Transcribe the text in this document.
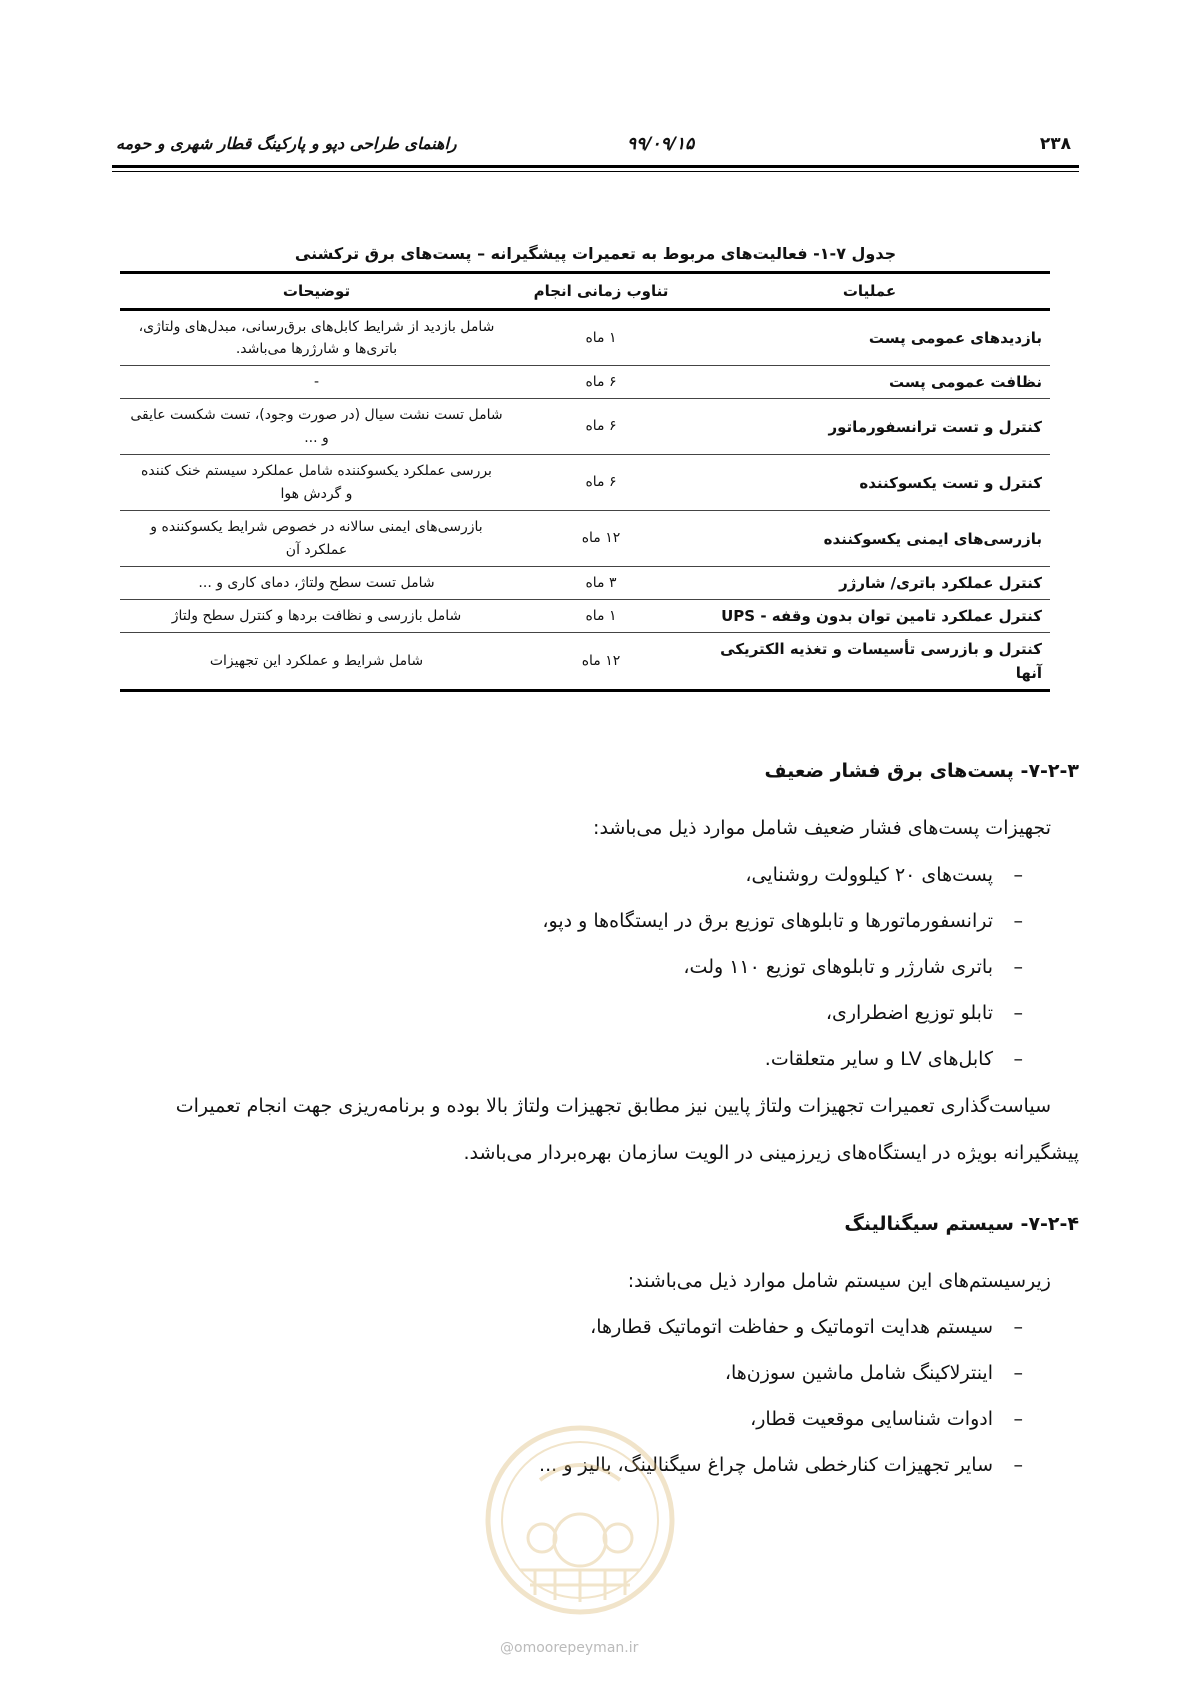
۲۳۸
۹۹/۰۹/۱۵
راهنمای طراحی دپو و پارکینگ قطار شهری و حومه
جدول ۷-۱- فعالیت‌های مربوط به تعمیرات پیشگیرانه – پست‌های برق ترکشنی
عملیات	تناوب زمانی انجام	توضیحات
بازدیدهای عمومی پست	۱ ماه	شامل بازدید از شرایط کابل‌های برق‌رسانی، مبدل‌های ولتاژی،
باتری‌ها و شارژرها می‌باشد.

نظافت عمومی پست	۶ ماه	-

کنترل و تست ترانسفورماتور	۶ ماه	شامل تست نشت سیال (در صورت وجود)، تست شکست عایقی
و ...

کنترل و تست یکسوکننده	۶ ماه	بررسی عملکرد یکسوکننده شامل عملکرد سیستم خنک کننده
و گردش هوا

بازرسی‌های ایمنی یکسوکننده	۱۲ ماه	بازرسی‌های ایمنی سالانه در خصوص شرایط یکسوکننده و
عملکرد آن

کنترل عملکرد باتری/ شارژر	۳ ماه	شامل تست سطح ولتاژ، دمای کاری و ...

کنترل عملکرد تامین توان بدون وقفه - UPS	۱ ماه	شامل بازرسی و نظافت بردها و کنترل سطح ولتاژ

کنترل و بازرسی تأسیسات و تغذیه الکتریکی آنها	۱۲ ماه	شامل شرایط و عملکرد این تجهیزات
۷-۲-۳- پست‌های برق فشار ضعیف
تجهیزات پست‌های فشار ضعیف شامل موارد ذیل می‌باشد:
–پست‌های ۲۰ کیلوولت روشنایی،
–ترانسفورماتورها و تابلوهای توزیع برق در ایستگاه‌ها و دپو،
–باتری شارژر و تابلوهای توزیع ۱۱۰ ولت،
–تابلو توزیع اضطراری،
–کابل‌های LV و سایر متعلقات.
سیاست‌گذاری تعمیرات تجهیزات ولتاژ پایین نیز مطابق تجهیزات ولتاژ بالا بوده و برنامه‌ریزی جهت انجام تعمیرات
پیشگیرانه بویژه در ایستگاه‌های زیرزمینی در الویت سازمان بهره‌بردار می‌باشد.
۷-۲-۴- سیستم سیگنالینگ
زیرسیستم‌های این سیستم شامل موارد ذیل می‌باشند:
–سیستم هدایت اتوماتیک و حفاظت اتوماتیک قطارها،
–اینترلاکینگ شامل ماشین سوزن‌ها،
–ادوات شناسایی موقعیت قطار،
–سایر تجهیزات کنارخطی شامل چراغ سیگنالینگ، بالیز و ...
@omoorepeyman.ir
